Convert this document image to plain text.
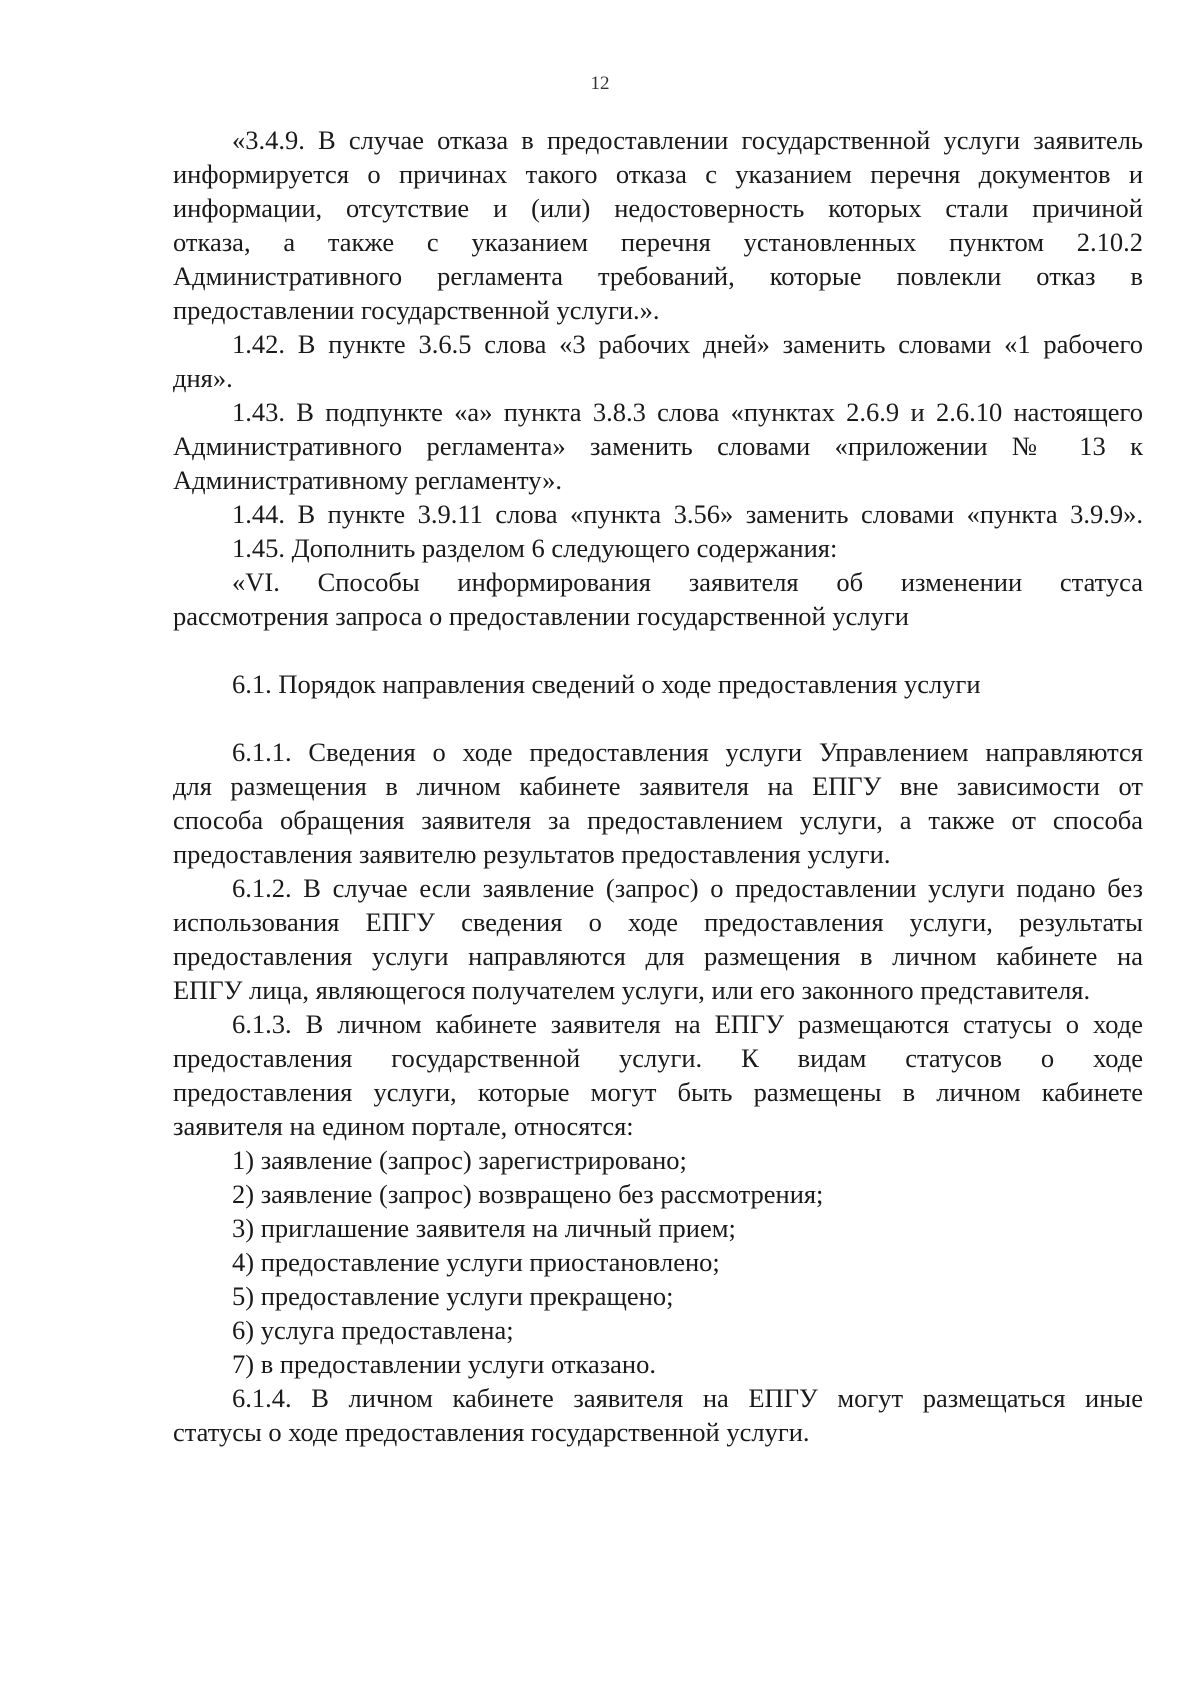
12
«3.4.9. В случае отказа в предоставлении государственной услуги заявитель
информируется о причинах такого отказа с указанием перечня документов и
информации, отсутствие и (или) недостоверность которых стали причиной
отказа, а также с указанием перечня установленных пунктом 2.10.2
Административного регламента требований, которые повлекли отказ в
предоставлении государственной услуги.».
1.42. В пункте 3.6.5 слова «3 рабочих дней» заменить словами «1 рабочего
дня».
1.43. В подпункте «а» пункта 3.8.3 слова «пунктах 2.6.9 и 2.6.10 настоящего
Административного регламента» заменить словами «приложении № 13 к
Административному регламенту».
1.44. В пункте 3.9.11 слова «пункта 3.56» заменить словами «пункта 3.9.9».
1.45. Дополнить разделом 6 следующего содержания:
«VI. Способы информирования заявителя об изменении статуса
рассмотрения запроса о предоставлении государственной услуги
6.1. Порядок направления сведений о ходе предоставления услуги
6.1.1. Сведения о ходе предоставления услуги Управлением направляются
для размещения в личном кабинете заявителя на ЕПГУ вне зависимости от
способа обращения заявителя за предоставлением услуги, а также от способа
предоставления заявителю результатов предоставления услуги.
6.1.2. В случае если заявление (запрос) о предоставлении услуги подано без
использования ЕПГУ сведения о ходе предоставления услуги, результаты
предоставления услуги направляются для размещения в личном кабинете на
ЕПГУ лица, являющегося получателем услуги, или его законного представителя.
6.1.3. В личном кабинете заявителя на ЕПГУ размещаются статусы о ходе
предоставления государственной услуги. К видам статусов о ходе
предоставления услуги, которые могут быть размещены в личном кабинете
заявителя на едином портале, относятся:
1) заявление (запрос) зарегистрировано;
2) заявление (запрос) возвращено без рассмотрения;
3) приглашение заявителя на личный прием;
4) предоставление услуги приостановлено;
5) предоставление услуги прекращено;
6) услуга предоставлена;
7) в предоставлении услуги отказано.
6.1.4. В личном кабинете заявителя на ЕПГУ могут размещаться иные
статусы о ходе предоставления государственной услуги.
